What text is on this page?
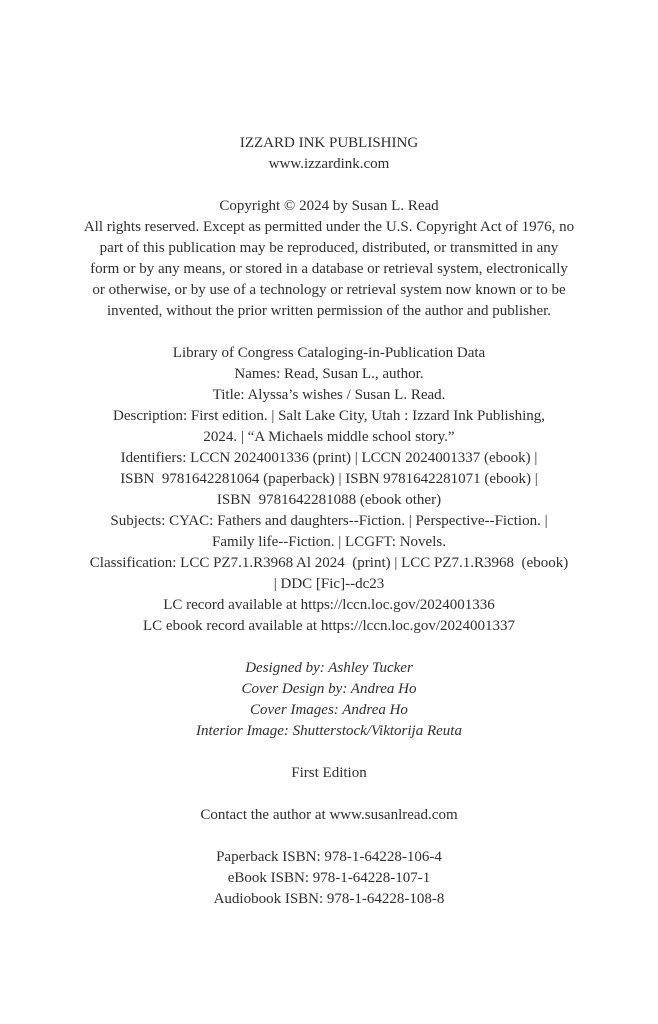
IZZARD INK PUBLISHING
www.izzardink.com
Copyright © 2024 by Susan L. Read
All rights reserved. Except as permitted under the U.S. Copyright Act of 1976, no
part of this publication may be reproduced, distributed, or transmitted in any
form or by any means, or stored in a database or retrieval system, electronically
or otherwise, or by use of a technology or retrieval system now known or to be
invented, without the prior written permission of the author and publisher.
Library of Congress Cataloging-in-Publication Data
Names: Read, Susan L., author.
Title: Alyssa’s wishes / Susan L. Read.
Description: First edition. | Salt Lake City, Utah : Izzard Ink Publishing,
2024. | “A Michaels middle school story.”
Identifiers: LCCN 2024001336 (print) | LCCN 2024001337 (ebook) |
ISBN  9781642281064 (paperback) | ISBN 9781642281071 (ebook) |
ISBN  9781642281088 (ebook other)
Subjects: CYAC: Fathers and daughters--Fiction. | Perspective--Fiction. |
Family life--Fiction. | LCGFT: Novels.
Classification: LCC PZ7.1.R3968 Al 2024  (print) | LCC PZ7.1.R3968  (ebook)
| DDC [Fic]--dc23
LC record available at https://lccn.loc.gov/2024001336
LC ebook record available at https://lccn.loc.gov/2024001337
Designed by: Ashley Tucker
Cover Design by: Andrea Ho
Cover Images: Andrea Ho
Interior Image: Shutterstock/Viktorija Reuta
First Edition
Contact the author at www.susanlread.com
Paperback ISBN: 978-1-64228-106-4
eBook ISBN: 978-1-64228-107-1
Audiobook ISBN: 978-1-64228-108-8
